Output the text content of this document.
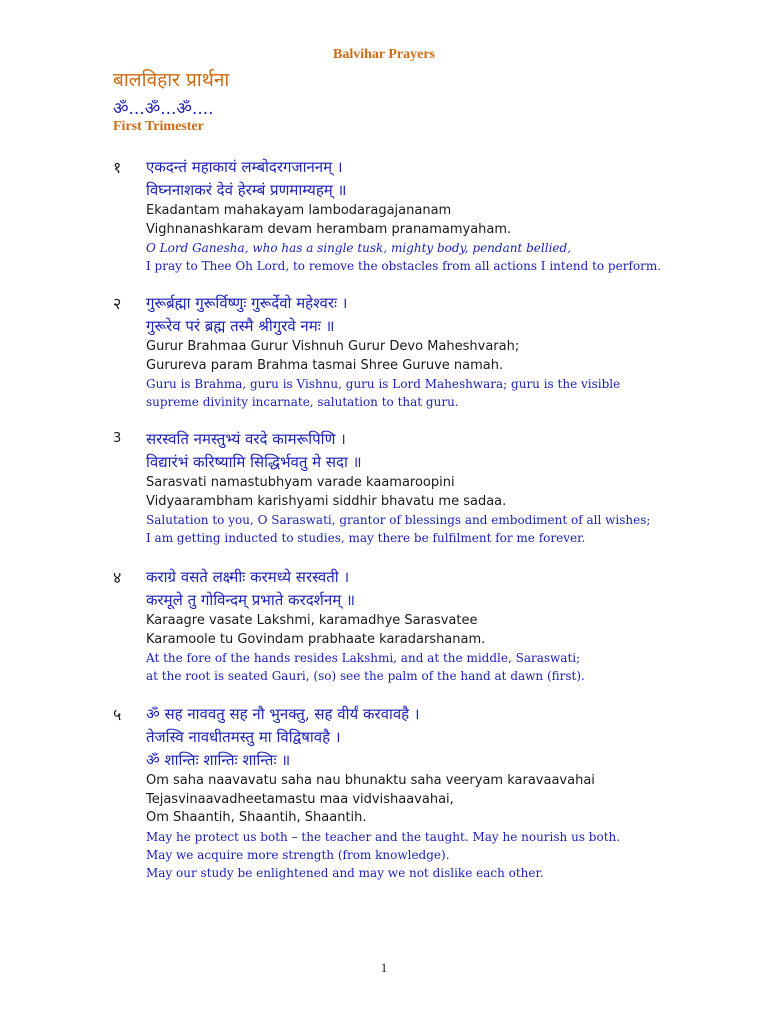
Balvihar Prayers
बालविहार प्रार्थना
ॐ...ॐ...ॐ....
First Trimester
१ एकदन्तं महाकायं लम्बोदरगजाननम् ।
विघ्ननाशकरं देवं हेरम्बं प्रणमाम्यहम् ॥
Ekadantam mahakayam lambodaragajananam
Vighnanashkaram devam herambam pranamamyaham.
O Lord Ganesha, who has a single tusk, mighty body, pendant bellied,
I pray to Thee Oh Lord, to remove the obstacles from all actions I intend to perform.
२ गुरूर्ब्रह्मा गुरूर्विष्णुः गुरूर्देवो महेश्वरः ।
गुरूरेव परं ब्रह्म तस्मै श्रीगुरवे नमः ॥
Gurur Brahmaa Gurur Vishnuh Gurur Devo Maheshvarah;
Gurureva param Brahma tasmai Shree Guruve namah.
Guru is Brahma, guru is Vishnu, guru is Lord Maheshwara; guru is the visible
supreme divinity incarnate, salutation to that guru.
3 सरस्वति नमस्तुभ्यं वरदे कामरूपिणि ।
विद्यारंभं करिष्यामि सिद्धिर्भवतु मे सदा ॥
Sarasvati namastubhyam varade kaamaroopini
Vidyaarambham karishyami siddhir bhavatu me sadaa.
Salutation to you, O Saraswati, grantor of blessings and embodiment of all wishes;
I am getting inducted to studies, may there be fulfilment for me forever.
४ कराग्रे वसते लक्ष्मीः करमध्ये सरस्वती ।
करमूले तु गोविन्दम् प्रभाते करदर्शनम् ॥
Karaagre vasate Lakshmi, karamadhye Sarasvatee
Karamoole tu Govindam prabhaate karadarshanam.
At the fore of the hands resides Lakshmi, and at the middle, Saraswati;
at the root is seated Gauri, (so) see the palm of the hand at dawn (first).
५ ॐ सह नाववतु सह नौ भुनक्तु, सह वीर्यं करवावहै ।
तेजस्वि नावधीतमस्तु मा विद्विषावहै ।
ॐ शान्तिः शान्तिः शान्तिः ॥
Om saha naavavatu saha nau bhunaktu saha veeryam karavaavahai
Tejasvinaavadheetamastu maa vidvishaavahai,
Om Shaantih, Shaantih, Shaantih.
May he protect us both – the teacher and the taught. May he nourish us both.
May we acquire more strength (from knowledge).
May our study be enlightened and may we not dislike each other.
1
